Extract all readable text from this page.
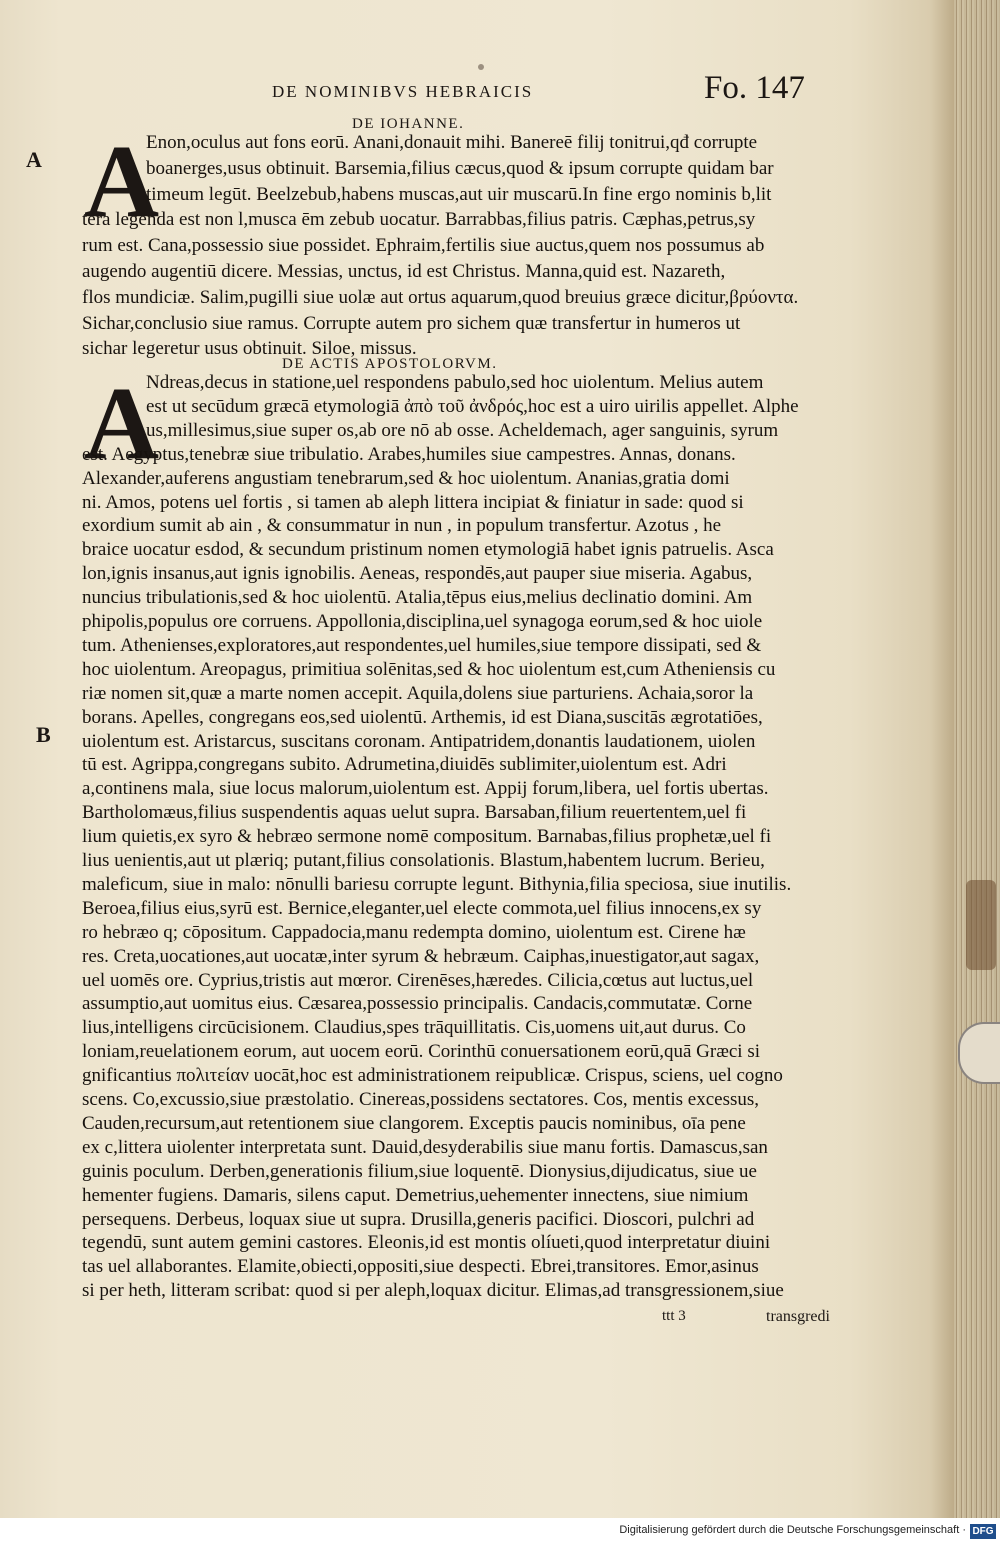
DE NOMINIBVS HEBRAICIS	Fo. 147
A
B
DE IOHANNE.
A
Enon,oculus aut fons eorū. Anani,donauit mihi. Banereē filij tonitrui,qđ corrupte
boanerges,usus obtinuit. Barsemia,filius cæcus,quod & ipsum corrupte quidam bar
timeum legūt. Beelzebub,habens muscas,aut uir muscarū.In fine ergo nominis b,lit
tera legenda est non l,musca ēm zebub uocatur. Barrabbas,filius patris. Cæphas,petrus,sy
rum est. Cana,possessio siue possidet. Ephraim,fertilis siue auctus,quem nos possumus ab
augendo augentiū dicere. Messias, unctus, id est Christus. Manna,quid est. Nazareth,
flos mundiciæ. Salim,pugilli siue uolæ aut ortus aquarum,quod breuius græce dicitur,βρύοντα.
Sichar,conclusio siue ramus. Corrupte autem pro sichem quæ transfertur in humeros ut
sichar legeretur usus obtinuit. Siloe, missus.
DE ACTIS APOSTOLORVM.
A
Ndreas,decus in statione,uel respondens pabulo,sed hoc uiolentum. Melius autem
est ut secūdum græcā etymologiā ἀπὸ τοῦ ἀνδρός,hoc est a uiro uirilis appellet. Alphe
us,millesimus,siue super os,ab ore nō ab osse. Acheldemach, ager sanguinis, syrum
est. Aegyptus,tenebræ siue tribulatio. Arabes,humiles siue campestres. Annas, donans.
Alexander,auferens angustiam tenebrarum,sed & hoc uiolentum. Ananias,gratia domi
ni. Amos, potens uel fortis , si tamen ab aleph littera incipiat & finiatur in sade: quod si
exordium sumit ab ain , & consummatur in nun , in populum transfertur. Azotus , he
braice uocatur esdod, & secundum pristinum nomen etymologiā habet ignis patruelis. Asca
lon,ignis insanus,aut ignis ignobilis. Aeneas, respondēs,aut pauper siue miseria. Agabus,
nuncius tribulationis,sed & hoc uiolentū. Atalia,tēpus eius,melius declinatio domini. Am
phipolis,populus ore corruens. Appollonia,disciplina,uel synagoga eorum,sed & hoc uiole
tum. Athenienses,exploratores,aut respondentes,uel humiles,siue tempore dissipati, sed &
hoc uiolentum. Areopagus, primitiua solēnitas,sed & hoc uiolentum est,cum Atheniensis cu
riæ nomen sit,quæ a marte nomen accepit. Aquila,dolens siue parturiens. Achaia,soror la
borans. Apelles, congregans eos,sed uiolentū. Arthemis, id est Diana,suscitās ægrotatiōes,
uiolentum est. Aristarcus, suscitans coronam. Antipatridem,donantis laudationem, uiolen
tū est. Agrippa,congregans subito. Adrumetina,diuidēs sublimiter,uiolentum est. Adri
a,continens mala, siue locus malorum,uiolentum est. Appij forum,libera, uel fortis ubertas.
Bartholomæus,filius suspendentis aquas uelut supra. Barsaban,filium reuertentem,uel fi
lium quietis,ex syro & hebræo sermone nomē compositum. Barnabas,filius prophetæ,uel fi
lius uenientis,aut ut plæriq; putant,filius consolationis. Blastum,habentem lucrum. Berieu,
maleficum, siue in malo: nōnulli bariesu corrupte legunt. Bithynia,filia speciosa, siue inutilis.
Beroea,filius eius,syrū est. Bernice,eleganter,uel electe commota,uel filius innocens,ex sy
ro hebræo q; cōpositum. Cappadocia,manu redempta domino, uiolentum est. Cirene hæ
res. Creta,uocationes,aut uocatæ,inter syrum & hebræum. Caiphas,inuestigator,aut sagax,
uel uomēs ore. Cyprius,tristis aut mœror. Cirenēses,hæredes. Cilicia,cœtus aut luctus,uel
assumptio,aut uomitus eius. Cæsarea,possessio principalis. Candacis,commutatæ. Corne
lius,intelligens circūcisionem. Claudius,spes trāquillitatis. Cis,uomens uit,aut durus. Co
loniam,reuelationem eorum, aut uocem eorū. Corinthū conuersationem eorū,quā Græci si
gnificantius πολιτείαν uocāt,hoc est administrationem reipublicæ. Crispus, sciens, uel cogno
scens. Co,excussio,siue præstolatio. Cinereas,possidens sectatores. Cos, mentis excessus,
Cauden,recursum,aut retentionem siue clangorem. Exceptis paucis nominibus, oīa pene
ex c,littera uiolenter interpretata sunt. Dauid,desyderabilis siue manu fortis. Damascus,san
guinis poculum. Derben,generationis filium,siue loquentē. Dionysius,dijudicatus, siue ue
hementer fugiens. Damaris, silens caput. Demetrius,uehementer innectens, siue nimium
persequens. Derbeus, loquax siue ut supra. Drusilla,generis pacifici. Dioscori, pulchri ad
tegendū, sunt autem gemini castores. Eleonis,id est montis olíueti,quod interpretatur diuini
tas uel allaborantes. Elamite,obiecti,oppositi,siue despecti. Ebrei,transitores. Emor,asinus
si per heth, litteram scribat: quod si per aleph,loquax dicitur. Elimas,ad transgressionem,siue
ttt 3	transgredi
Digitalisierung gefördert durch die Deutsche Forschungsgemeinschaft · DFG
